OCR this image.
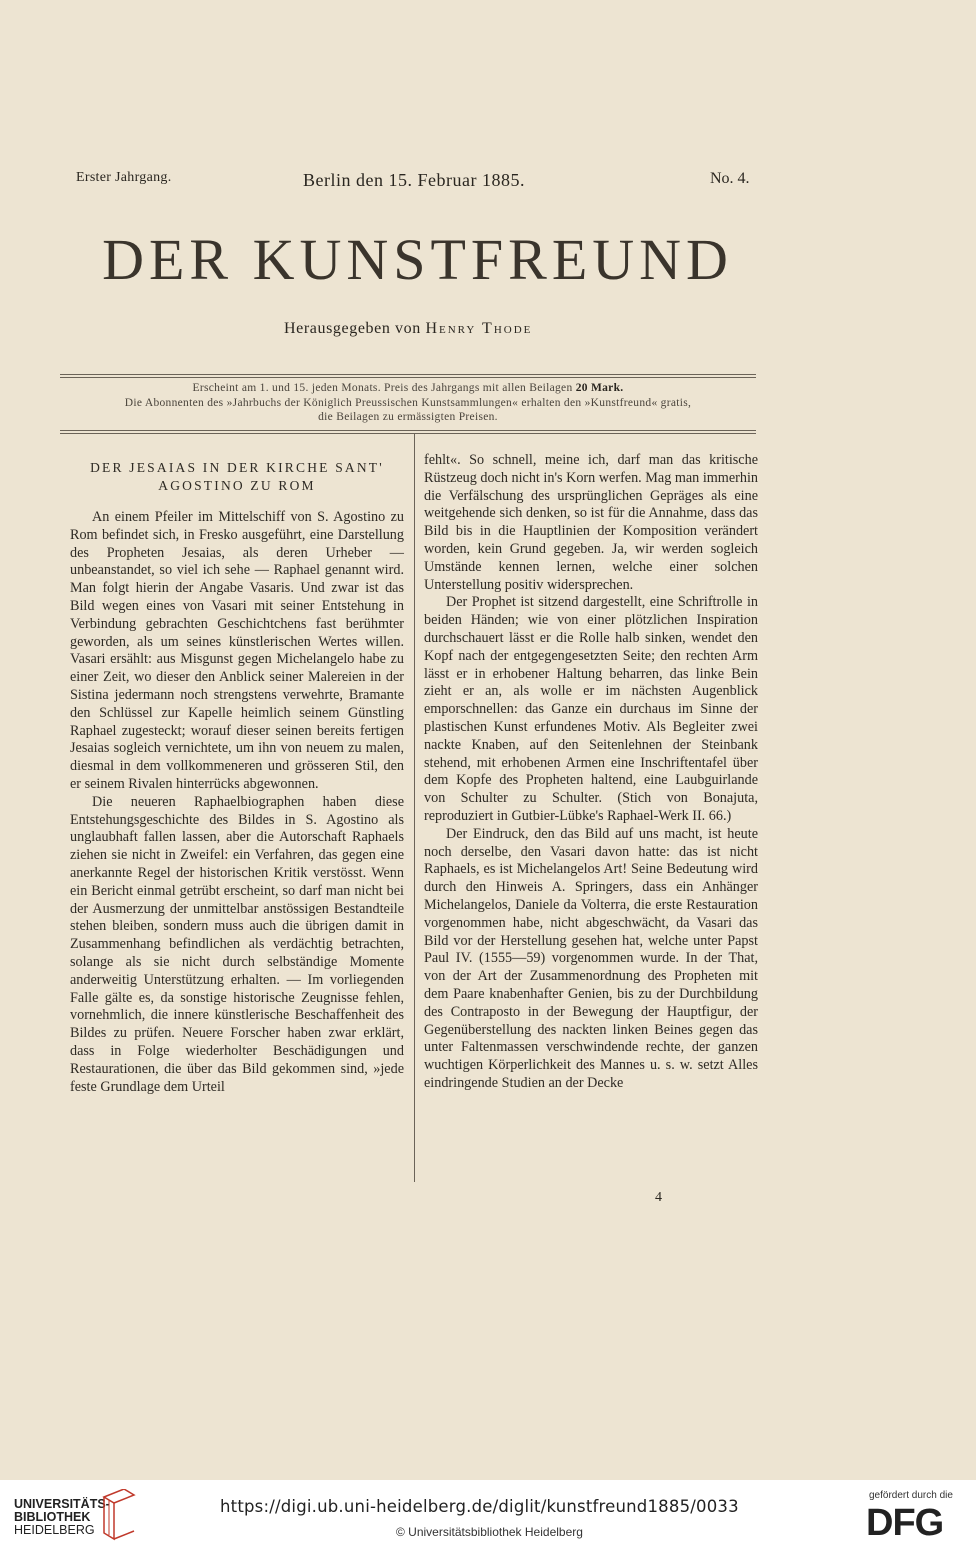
Erster Jahrgang.	Berlin den 15. Februar 1885.	No. 4.
DER KUNSTFREUND
Herausgegeben von Henry Thode
Erscheint am 1. und 15. jeden Monats. Preis des Jahrgangs mit allen Beilagen 20 Mark.
Die Abonnenten des »Jahrbuchs der Königlich Preussischen Kunstsammlungen« erhalten den »Kunstfreund« gratis,
die Beilagen zu ermässigten Preisen.
DER JESAIAS IN DER KIRCHE SANT' AGOSTINO ZU ROM

An einem Pfeiler im Mittelschiff von S. Agostino zu Rom befindet sich, in Fresko ausgeführt, eine Darstellung des Propheten Jesaias, als deren Urheber — unbeanstandet, so viel ich sehe — Raphael genannt wird. Man folgt hierin der Angabe Vasaris. Und zwar ist das Bild wegen eines von Vasari mit seiner Entstehung in Verbindung gebrachten Geschichtchens fast berühmter geworden, als um seines künstlerischen Wertes willen. Vasari ersählt: aus Misgunst gegen Michelangelo habe zu einer Zeit, wo dieser den Anblick seiner Malereien in der Sistina jedermann noch strengstens verwehrte, Bramante den Schlüssel zur Kapelle heimlich seinem Günstling Raphael zugesteckt; worauf dieser seinen bereits fertigen Jesaias sogleich vernichtete, um ihn von neuem zu malen, diesmal in dem vollkommeneren und grösseren Stil, den er seinem Rivalen hinterrücks abgewonnen.

Die neueren Raphaelbiographen haben diese Entstehungsgeschichte des Bildes in S. Agostino als unglaubhaft fallen lassen, aber die Autorschaft Raphaels ziehen sie nicht in Zweifel: ein Verfahren, das gegen eine anerkannte Regel der historischen Kritik verstösst. Wenn ein Bericht einmal getrübt erscheint, so darf man nicht bei der Ausmerzung der unmittelbar anstössigen Bestandteile stehen bleiben, sondern muss auch die übrigen damit in Zusammenhang befindlichen als verdächtig betrachten, solange als sie nicht durch selbständige Momente anderweitig Unterstützung erhalten. — Im vorliegenden Falle gälte es, da sonstige historische Zeugnisse fehlen, vornehmlich, die innere künstlerische Beschaffenheit des Bildes zu prüfen. Neuere Forscher haben zwar erklärt, dass in Folge wiederholter Beschädigungen und Restaurationen, die über das Bild gekommen sind, »jede feste Grundlage dem Urteil

fehlt«. So schnell, meine ich, darf man das kritische Rüstzeug doch nicht in's Korn werfen. Mag man immerhin die Verfälschung des ursprünglichen Gepräges als eine weitgehende sich denken, so ist für die Annahme, dass das Bild bis in die Hauptlinien der Komposition verändert worden, kein Grund gegeben. Ja, wir werden sogleich Umstände kennen lernen, welche einer solchen Unterstellung positiv widersprechen.

Der Prophet ist sitzend dargestellt, eine Schriftrolle in beiden Händen; wie von einer plötzlichen Inspiration durchschauert lässt er die Rolle halb sinken, wendet den Kopf nach der entgegengesetzten Seite; den rechten Arm lässt er in erhobener Haltung beharren, das linke Bein zieht er an, als wolle er im nächsten Augenblick emporschnellen: das Ganze ein durchaus im Sinne der plastischen Kunst erfundenes Motiv. Als Begleiter zwei nackte Knaben, auf den Seitenlehnen der Steinbank stehend, mit erhobenen Armen eine Inschriftentafel über dem Kopfe des Propheten haltend, eine Laubguirlande von Schulter zu Schulter. (Stich von Bonajuta, reproduziert in Gutbier-Lübke's Raphael-Werk II. 66.)

Der Eindruck, den das Bild auf uns macht, ist heute noch derselbe, den Vasari davon hatte: das ist nicht Raphaels, es ist Michelangelos Art! Seine Bedeutung wird durch den Hinweis A. Springers, dass ein Anhänger Michelangelos, Daniele da Volterra, die erste Restauration vorgenommen habe, nicht abgeschwächt, da Vasari das Bild vor der Herstellung gesehen hat, welche unter Papst Paul IV. (1555—59) vorgenommen wurde. In der That, von der Art der Zusammenordnung des Propheten mit dem Paare knabenhafter Genien, bis zu der Durchbildung des Contraposto in der Bewegung der Hauptfigur, der Gegenüberstellung des nackten linken Beines gegen das unter Faltenmassen verschwindende rechte, der ganzen wuchtigen Körperlichkeit des Mannes u. s. w. setzt Alles eindringende Studien an der Decke

4
UNIVERSITÄTS-
BIBLIOTHEK
HEIDELBERG
https://digi.ub.uni-heidelberg.de/diglit/kunstfreund1885/0033
© Universitätsbibliothek Heidelberg
gefördert durch die
DFG
